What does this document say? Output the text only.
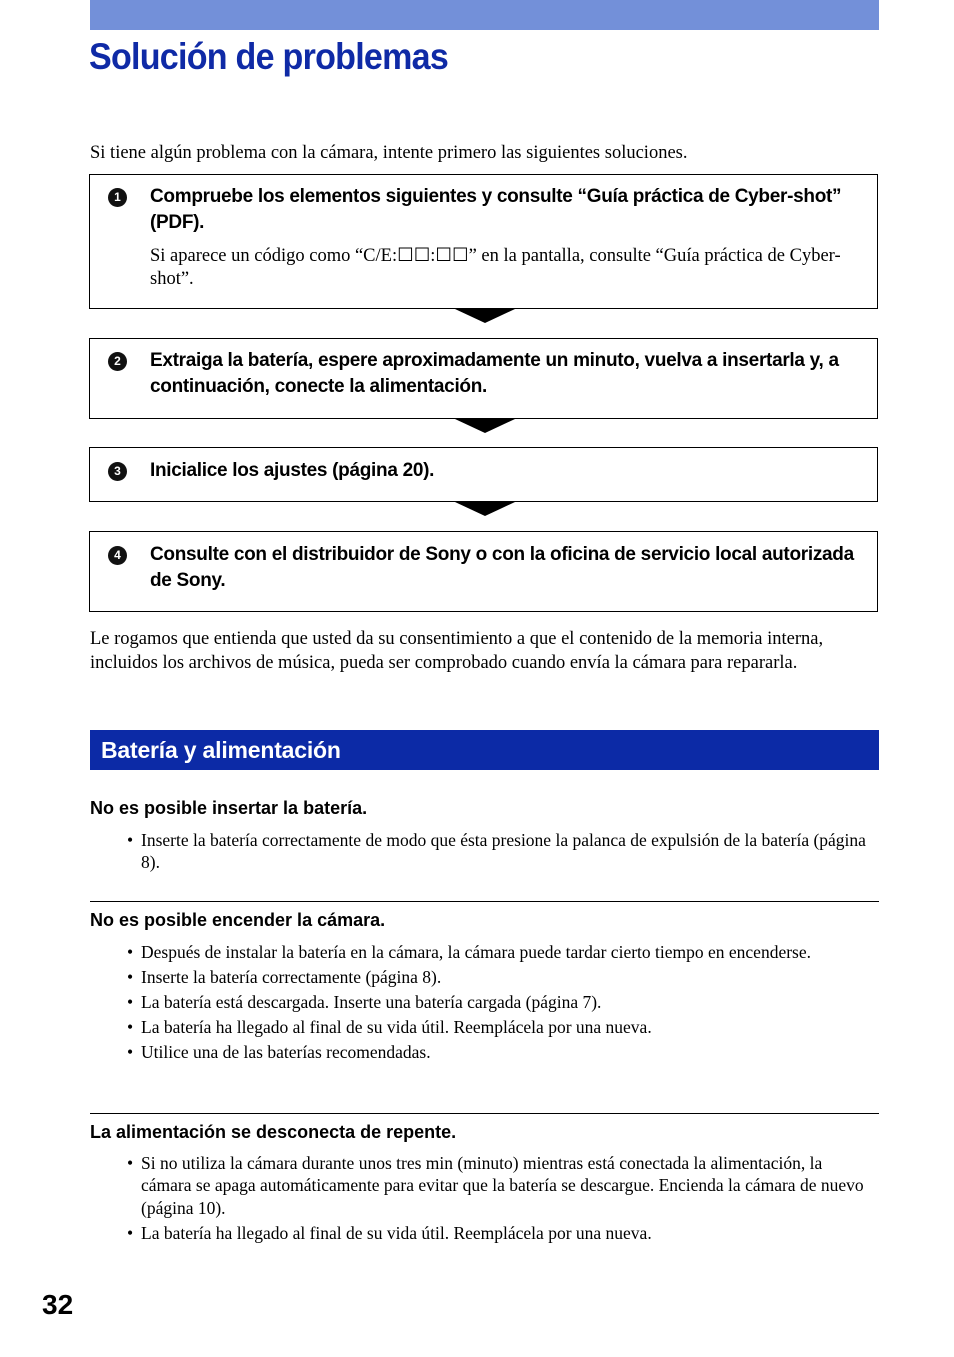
Solución de problemas
Si tiene algún problema con la cámara, intente primero las siguientes soluciones.
1	Compruebe los elementos siguientes y consulte “Guía práctica de Cyber-shot” (PDF).
Si aparece un código como “C/E:☐☐:☐☐” en la pantalla, consulte “Guía práctica de Cyber-shot”.
2	Extraiga la batería, espere aproximadamente un minuto, vuelva a insertarla y, a continuación, conecte la alimentación.
3	Inicialice los ajustes (página 20).
4	Consulte con el distribuidor de Sony o con la oficina de servicio local autorizada de Sony.
Le rogamos que entienda que usted da su consentimiento a que el contenido de la memoria interna, incluidos los archivos de música, pueda ser comprobado cuando envía la cámara para repararla.
Batería y alimentación
No es posible insertar la batería.
• Inserte la batería correctamente de modo que ésta presione la palanca de expulsión de la batería (página 8).
No es posible encender la cámara.
• Después de instalar la batería en la cámara, la cámara puede tardar cierto tiempo en encenderse.
• Inserte la batería correctamente (página 8).
• La batería está descargada. Inserte una batería cargada (página 7).
• La batería ha llegado al final de su vida útil. Reemplácela por una nueva.
• Utilice una de las baterías recomendadas.
La alimentación se desconecta de repente.
• Si no utiliza la cámara durante unos tres min (minuto) mientras está conectada la alimentación, la cámara se apaga automáticamente para evitar que la batería se descargue. Encienda la cámara de nuevo (página 10).
• La batería ha llegado al final de su vida útil. Reemplácela por una nueva.
32
